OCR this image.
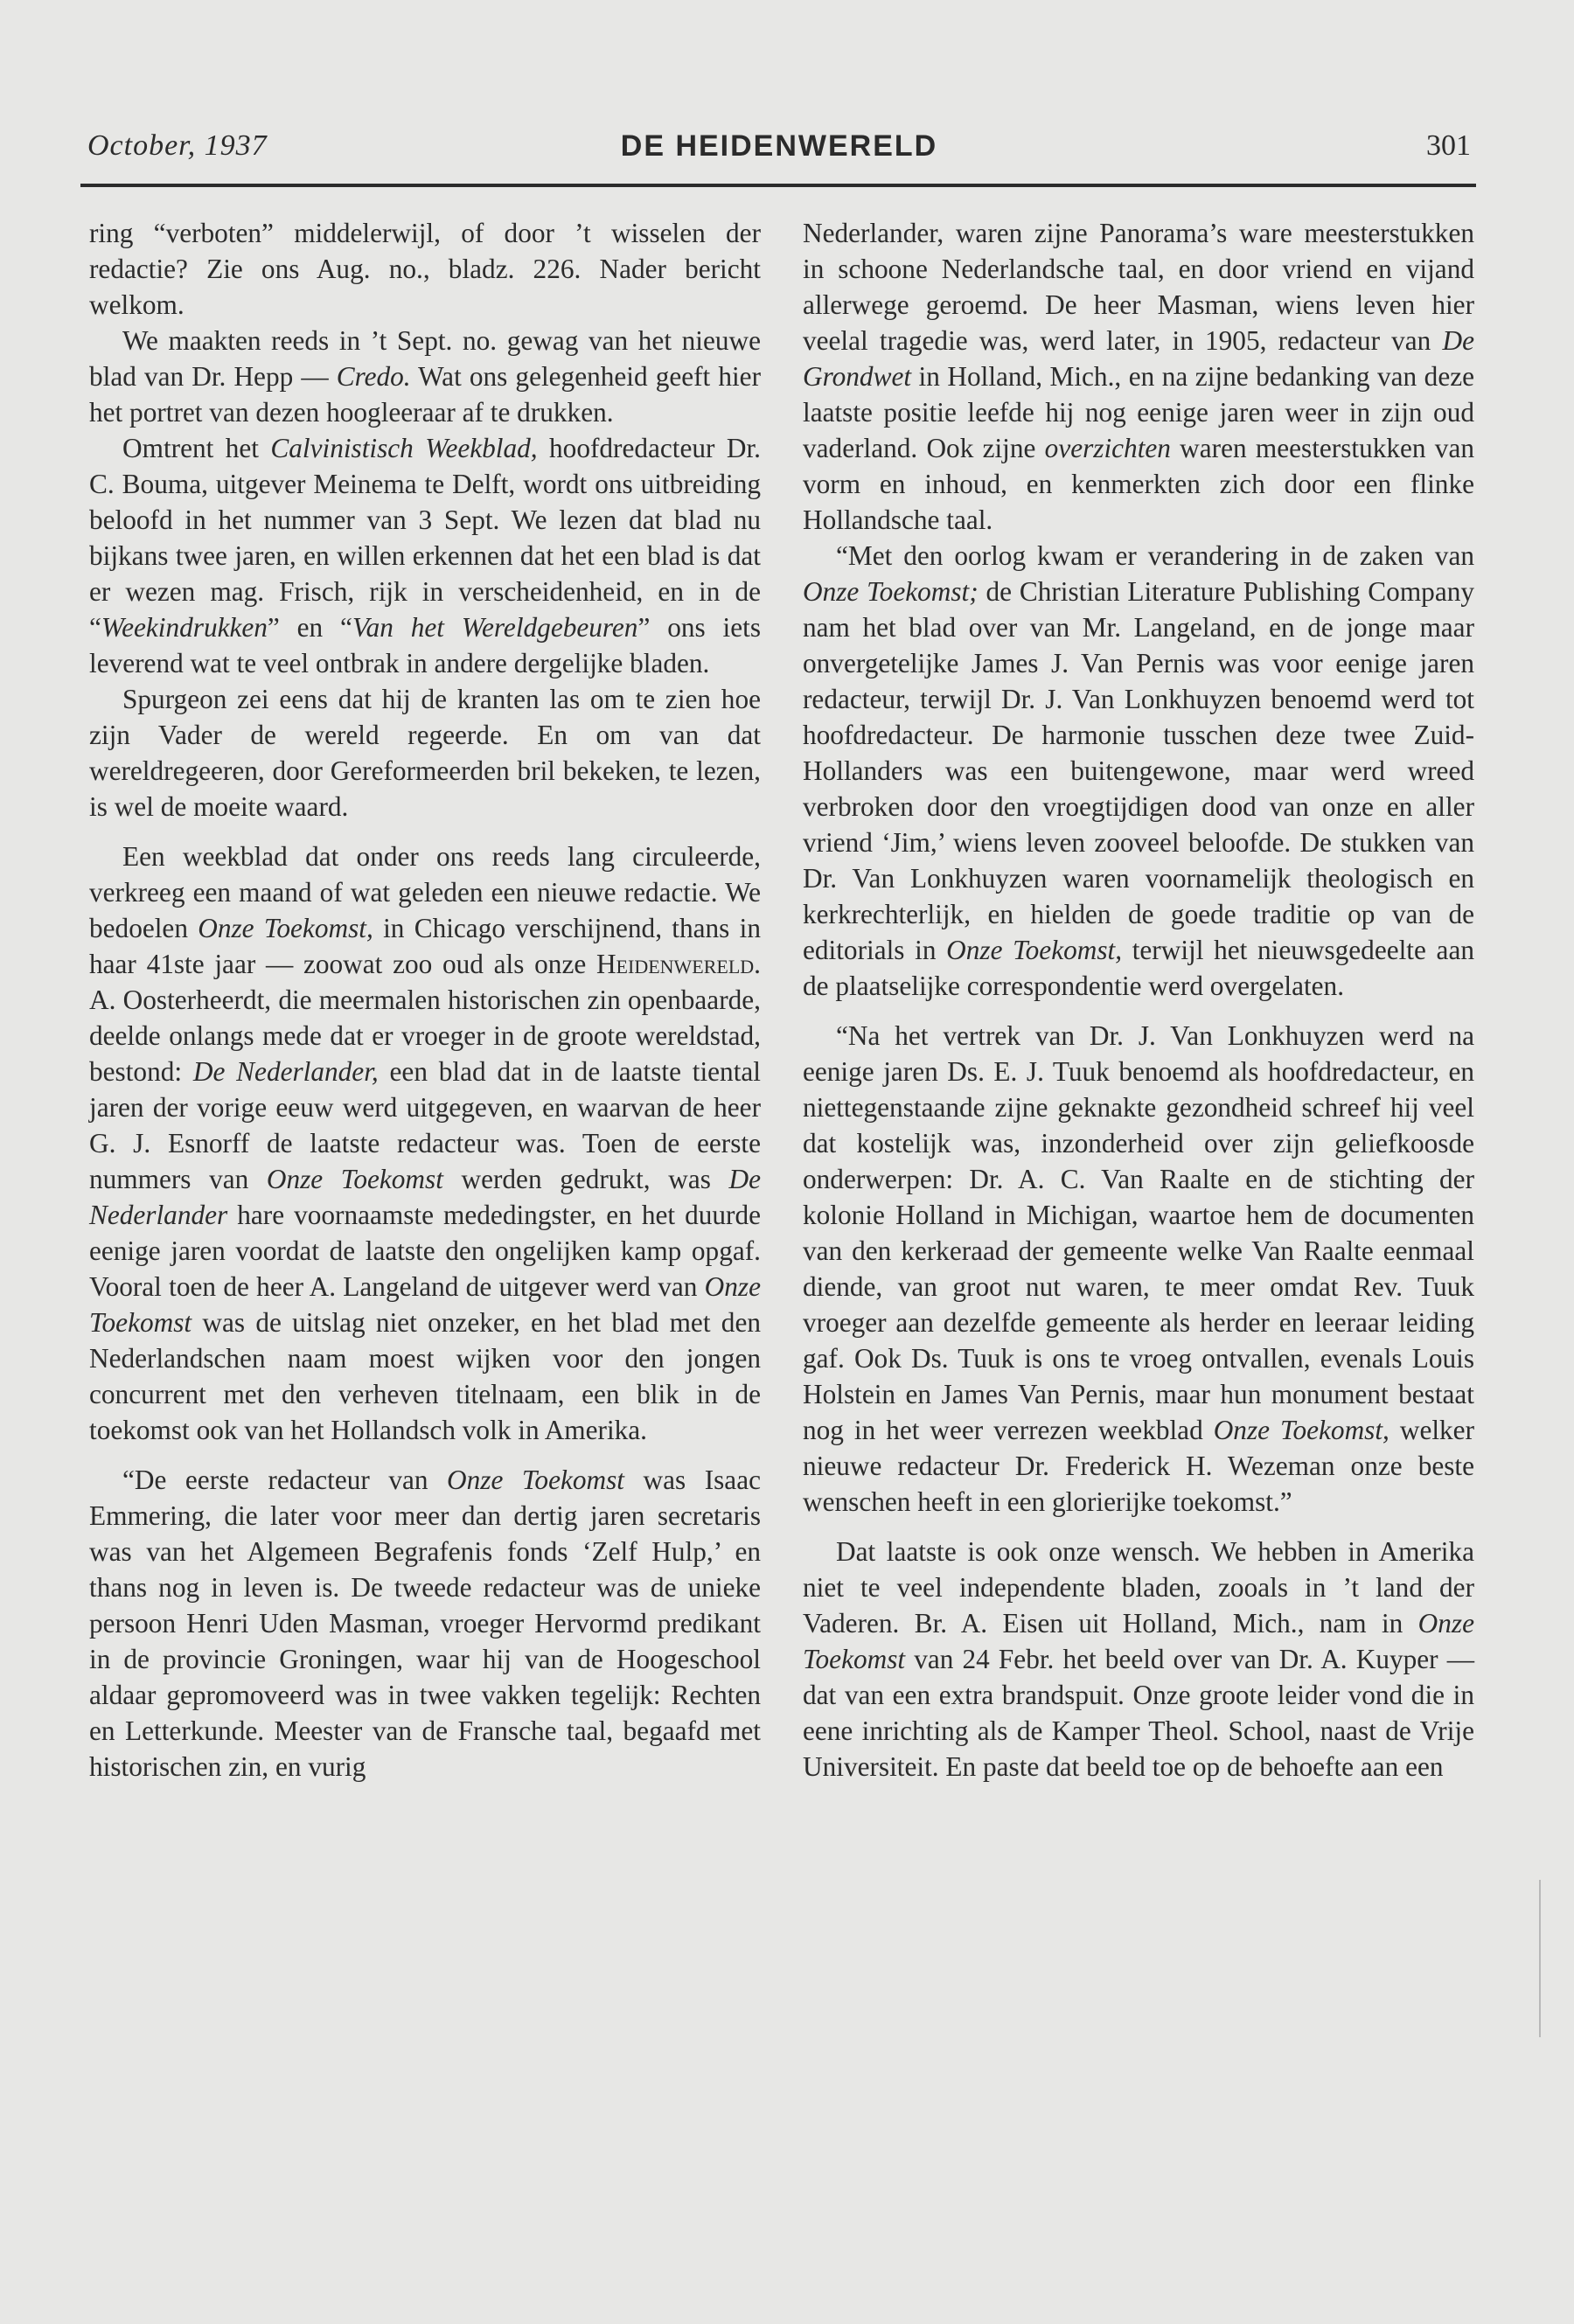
October, 1937	DE HEIDENWERELD	301

ring “verboten” middelerwijl, of door ’t wisselen der redactie? Zie ons Aug. no., bladz. 226. Nader bericht welkom.

We maakten reeds in ’t Sept. no. gewag van het nieuwe blad van Dr. Hepp — Credo. Wat ons gelegenheid geeft hier het portret van dezen hoogleeraar af te drukken.

Omtrent het Calvinistisch Weekblad, hoofdredacteur Dr. C. Bouma, uitgever Meinema te Delft, wordt ons uitbreiding beloofd in het nummer van 3 Sept. We lezen dat blad nu bijkans twee jaren, en willen erkennen dat het een blad is dat er wezen mag. Frisch, rijk in verscheidenheid, en in de “Weekindrukken” en “Van het Wereldgebeuren” ons iets leverend wat te veel ontbrak in andere dergelijke bladen.

Spurgeon zei eens dat hij de kranten las om te zien hoe zijn Vader de wereld regeerde. En om van dat wereldregeeren, door Gereformeerden bril bekeken, te lezen, is wel de moeite waard.

Een weekblad dat onder ons reeds lang circuleerde, verkreeg een maand of wat geleden een nieuwe redactie. We bedoelen Onze Toekomst, in Chicago verschijnend, thans in haar 41ste jaar — zoowat zoo oud als onze Heidenwereld. A. Oosterheerdt, die meermalen historischen zin openbaarde, deelde onlangs mede dat er vroeger in de groote wereldstad, bestond: De Nederlander, een blad dat in de laatste tiental jaren der vorige eeuw werd uitgegeven, en waarvan de heer G. J. Esnorff de laatste redacteur was. Toen de eerste nummers van Onze Toekomst werden gedrukt, was De Nederlander hare voornaamste mededingster, en het duurde eenige jaren voordat de laatste den ongelijken kamp opgaf. Vooral toen de heer A. Langeland de uitgever werd van Onze Toekomst was de uitslag niet onzeker, en het blad met den Nederlandschen naam moest wijken voor den jongen concurrent met den verheven titelnaam, een blik in de toekomst ook van het Hollandsch volk in Amerika.

“De eerste redacteur van Onze Toekomst was Isaac Emmering, die later voor meer dan dertig jaren secretaris was van het Algemeen Begrafenis fonds ‘Zelf Hulp,’ en thans nog in leven is. De tweede redacteur was de unieke persoon Henri Uden Masman, vroeger Hervormd predikant in de provincie Groningen, waar hij van de Hoogeschool aldaar gepromoveerd was in twee vakken tegelijk: Rechten en Letterkunde. Meester van de Fransche taal, begaafd met historischen zin, en vurig

Nederlander, waren zijne Panorama’s ware meesterstukken in schoone Nederlandsche taal, en door vriend en vijand allerwege geroemd. De heer Masman, wiens leven hier veelal tragedie was, werd later, in 1905, redacteur van De Grondwet in Holland, Mich., en na zijne bedanking van deze laatste positie leefde hij nog eenige jaren weer in zijn oud vaderland. Ook zijne overzichten waren meesterstukken van vorm en inhoud, en kenmerkten zich door een flinke Hollandsche taal.

“Met den oorlog kwam er verandering in de zaken van Onze Toekomst; de Christian Literature Publishing Company nam het blad over van Mr. Langeland, en de jonge maar onvergetelijke James J. Van Pernis was voor eenige jaren redacteur, terwijl Dr. J. Van Lonkhuyzen benoemd werd tot hoofdredacteur. De harmonie tusschen deze twee Zuid-Hollanders was een buitengewone, maar werd wreed verbroken door den vroegtijdigen dood van onze en aller vriend ‘Jim,’ wiens leven zooveel beloofde. De stukken van Dr. Van Lonkhuyzen waren voornamelijk theologisch en kerkrechterlijk, en hielden de goede traditie op van de editorials in Onze Toekomst, terwijl het nieuwsgedeelte aan de plaatselijke correspondentie werd overgelaten.

“Na het vertrek van Dr. J. Van Lonkhuyzen werd na eenige jaren Ds. E. J. Tuuk benoemd als hoofdredacteur, en niettegenstaande zijne geknakte gezondheid schreef hij veel dat kostelijk was, inzonderheid over zijn geliefkoosde onderwerpen: Dr. A. C. Van Raalte en de stichting der kolonie Holland in Michigan, waartoe hem de documenten van den kerkeraad der gemeente welke Van Raalte eenmaal diende, van groot nut waren, te meer omdat Rev. Tuuk vroeger aan dezelfde gemeente als herder en leeraar leiding gaf. Ook Ds. Tuuk is ons te vroeg ontvallen, evenals Louis Holstein en James Van Pernis, maar hun monument bestaat nog in het weer verrezen weekblad Onze Toekomst, welker nieuwe redacteur Dr. Frederick H. Wezeman onze beste wenschen heeft in een glorierijke toekomst.”

Dat laatste is ook onze wensch. We hebben in Amerika niet te veel independente bladen, zooals in ’t land der Vaderen. Br. A. Eisen uit Holland, Mich., nam in Onze Toekomst van 24 Febr. het beeld over van Dr. A. Kuyper — dat van een extra brandspuit. Onze groote leider vond die in eene inrichting als de Kamper Theol. School, naast de Vrije Universiteit. En paste dat beeld toe op de behoefte aan een
